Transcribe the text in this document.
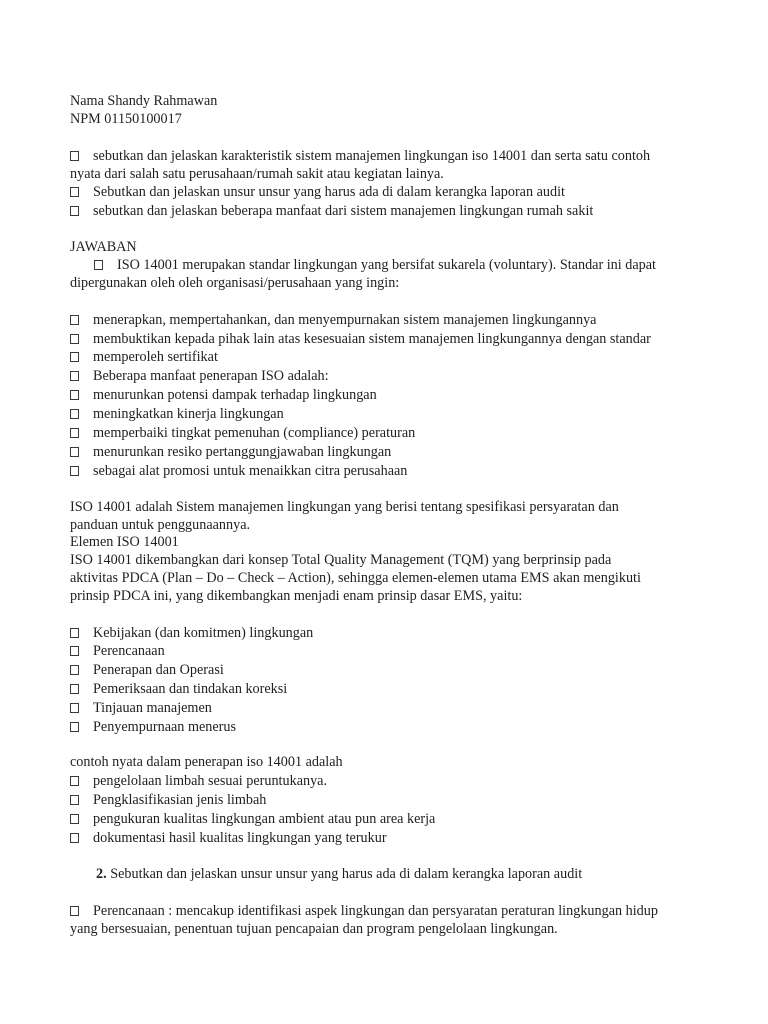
Nama Shandy Rahmawan
NPM 01150100017
sebutkan dan jelaskan karakteristik sistem manajemen lingkungan iso 14001 dan serta satu contoh
nyata dari salah satu perusahaan/rumah sakit atau kegiatan lainya.
Sebutkan dan jelaskan unsur unsur yang harus ada di dalam kerangka laporan audit
sebutkan dan jelaskan beberapa manfaat dari sistem manajemen lingkungan rumah sakit
JAWABAN
ISO 14001 merupakan standar lingkungan yang bersifat sukarela (voluntary). Standar ini dapat
dipergunakan oleh oleh organisasi/perusahaan yang ingin:
menerapkan, mempertahankan, dan menyempurnakan sistem manajemen lingkungannya
membuktikan kepada pihak lain atas kesesuaian sistem manajemen lingkungannya dengan standar
memperoleh sertifikat
Beberapa manfaat penerapan ISO adalah:
menurunkan potensi dampak terhadap lingkungan
meningkatkan kinerja lingkungan
memperbaiki tingkat pemenuhan (compliance) peraturan
menurunkan resiko pertanggungjawaban lingkungan
sebagai alat promosi untuk menaikkan citra perusahaan
ISO 14001 adalah Sistem manajemen lingkungan yang berisi tentang spesifikasi persyaratan dan
panduan untuk penggunaannya.
Elemen ISO 14001
ISO 14001 dikembangkan dari konsep Total Quality Management (TQM) yang berprinsip pada
aktivitas PDCA (Plan – Do – Check – Action), sehingga elemen-elemen utama EMS akan mengikuti
prinsip PDCA ini, yang dikembangkan menjadi enam prinsip dasar EMS, yaitu:
Kebijakan (dan komitmen) lingkungan
Perencanaan
Penerapan dan Operasi
Pemeriksaan dan tindakan koreksi
Tinjauan manajemen
Penyempurnaan menerus
contoh nyata dalam penerapan iso 14001 adalah
pengelolaan limbah sesuai peruntukanya.
Pengklasifikasian jenis limbah
pengukuran kualitas lingkungan ambient atau pun area kerja
dokumentasi hasil kualitas lingkungan yang terukur
2. Sebutkan dan jelaskan unsur unsur yang harus ada di dalam kerangka laporan audit
Perencanaan : mencakup identifikasi aspek lingkungan dan persyaratan peraturan lingkungan hidup
yang bersesuaian, penentuan tujuan pencapaian dan program pengelolaan lingkungan.
